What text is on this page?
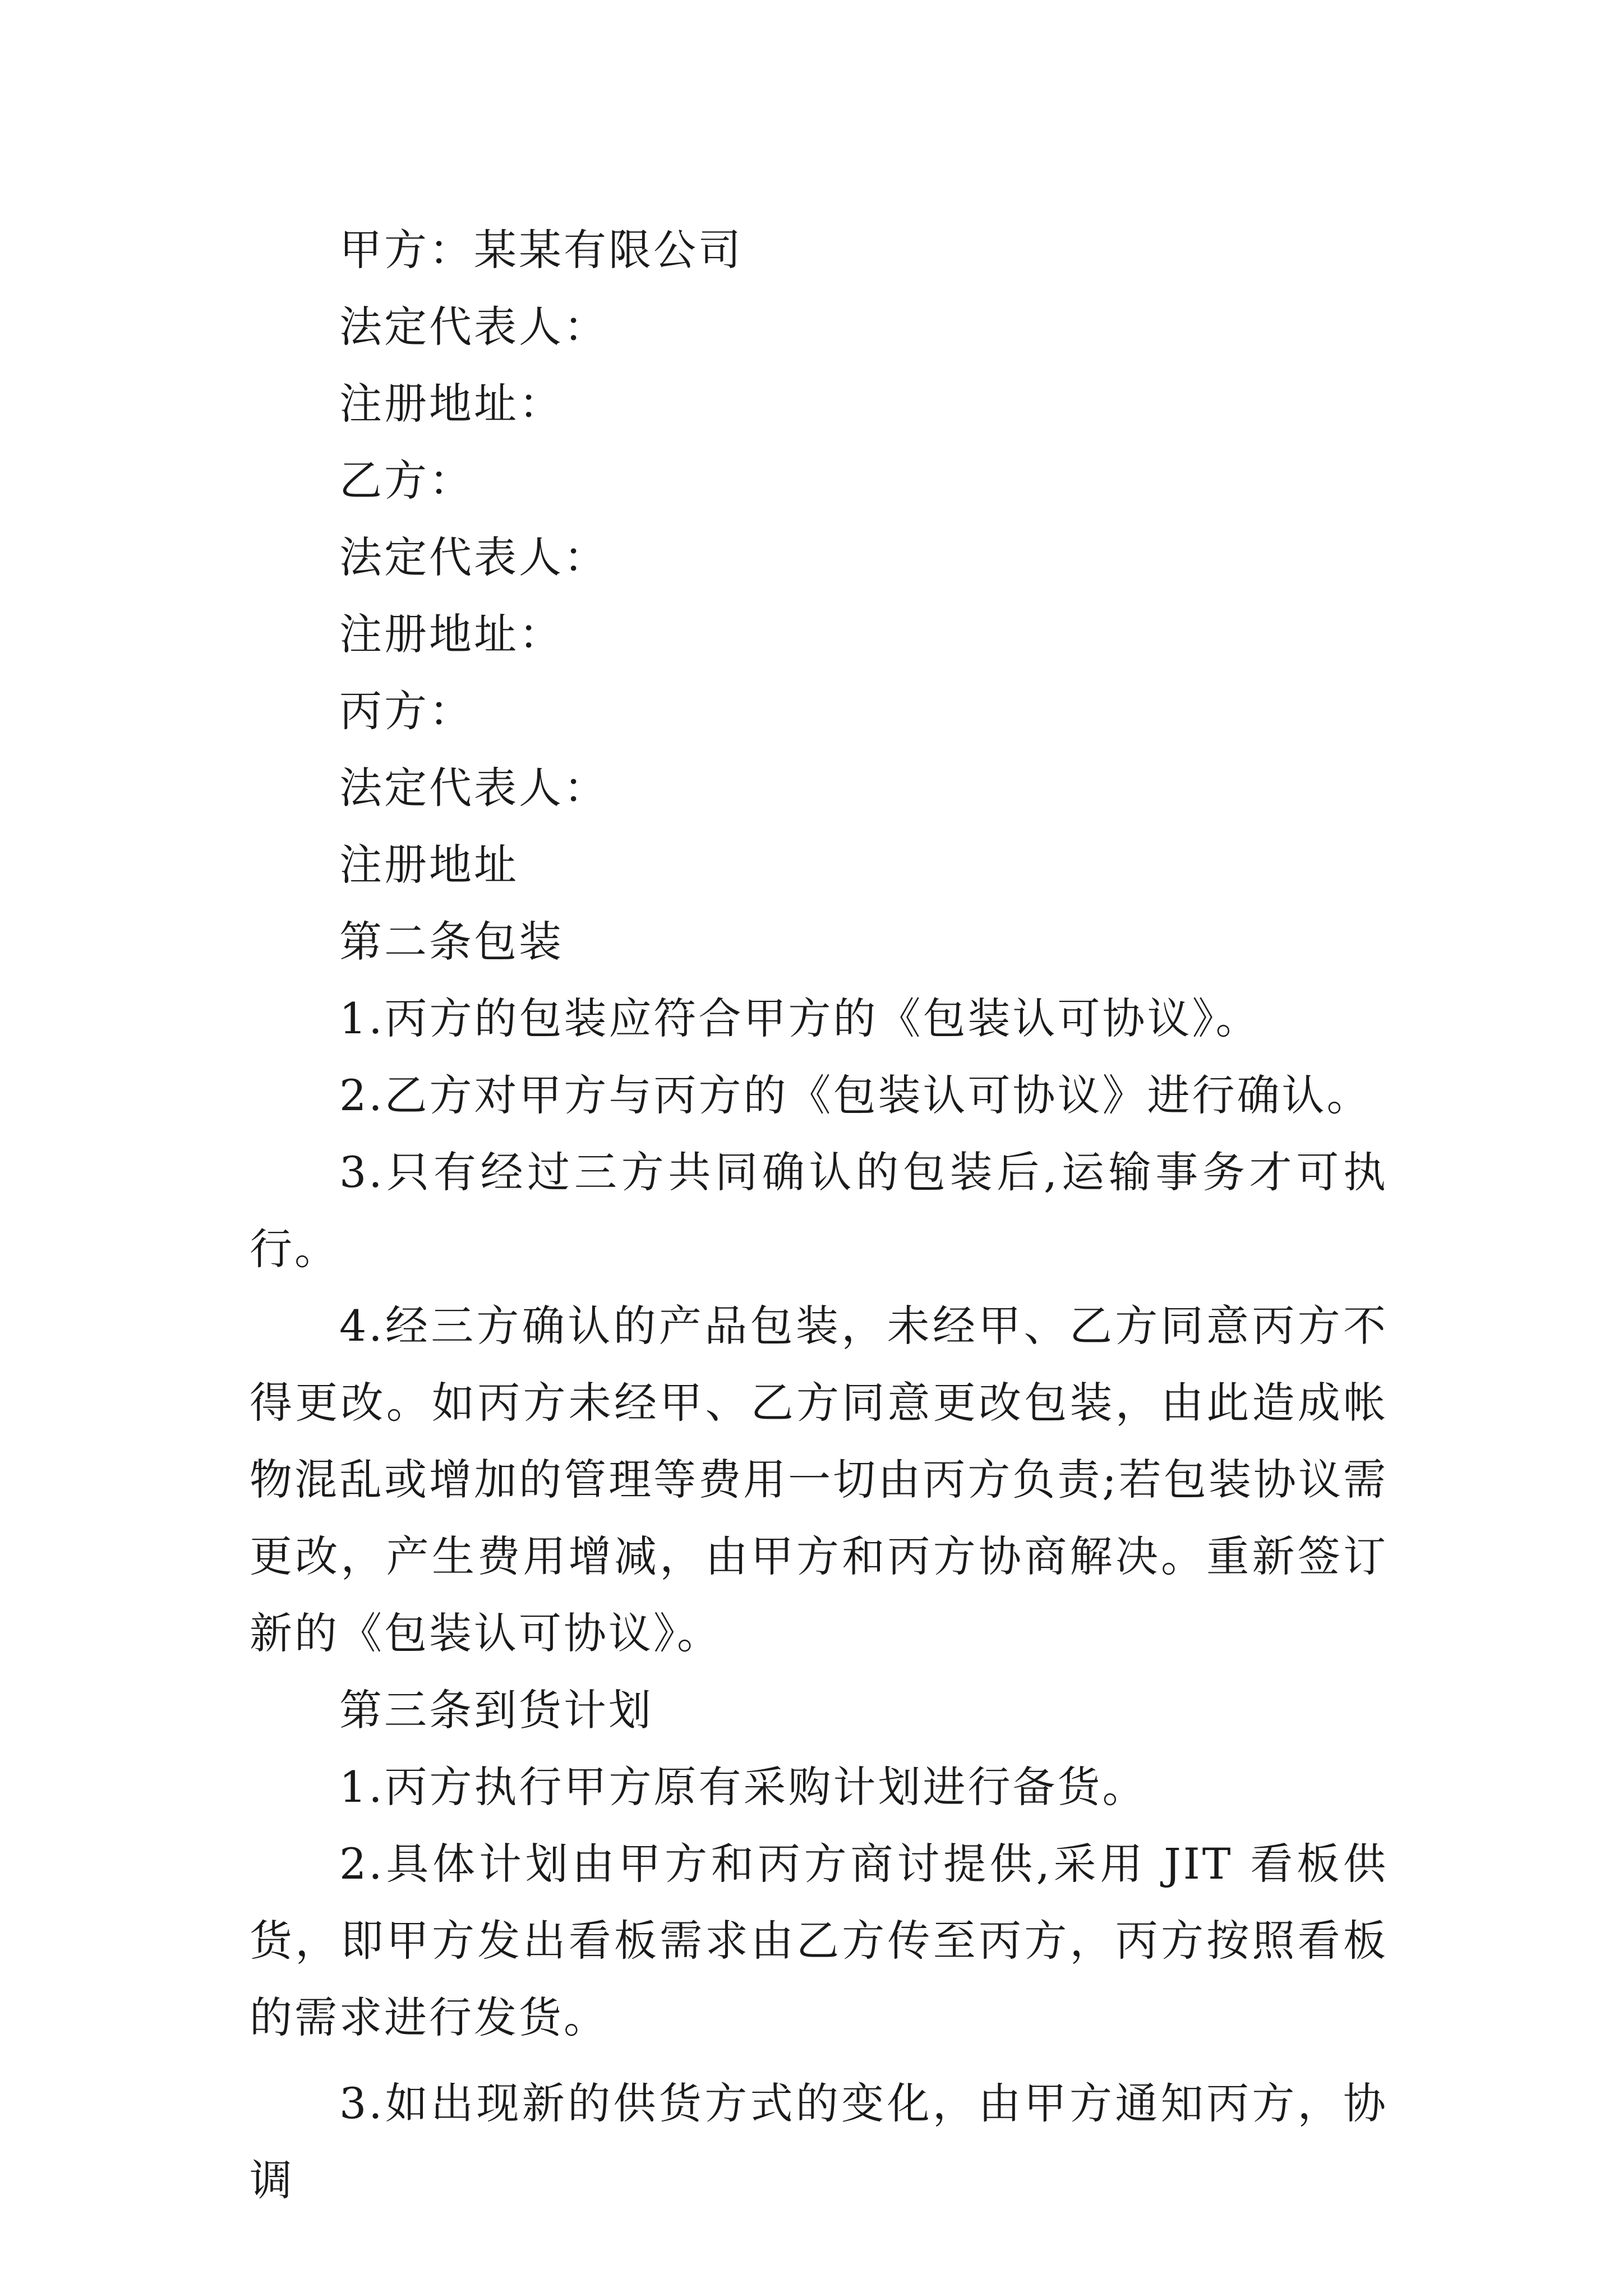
甲方：某某有限公司
法定代表人：
注册地址：
乙方：
法定代表人：
注册地址：
丙方：
法定代表人：
注册地址
第二条包装
1.丙方的包装应符合甲方的《包装认可协议》。
2.乙方对甲方与丙方的《包装认可协议》进行确认。
3.只有经过三方共同确认的包装后,运输事务才可执行。
4.经三方确认的产品包装，未经甲、乙方同意丙方不得更改。如丙方未经甲、乙方同意更改包装，由此造成帐物混乱或增加的管理等费用一切由丙方负责;若包装协议需更改，产生费用增减，由甲方和丙方协商解决。重新签订新的《包装认可协议》。
第三条到货计划
1.丙方执行甲方原有采购计划进行备货。
2.具体计划由甲方和丙方商讨提供,采用 JIT 看板供货，即甲方发出看板需求由乙方传至丙方，丙方按照看板的需求进行发货。
3.如出现新的供货方式的变化，由甲方通知丙方，协调
